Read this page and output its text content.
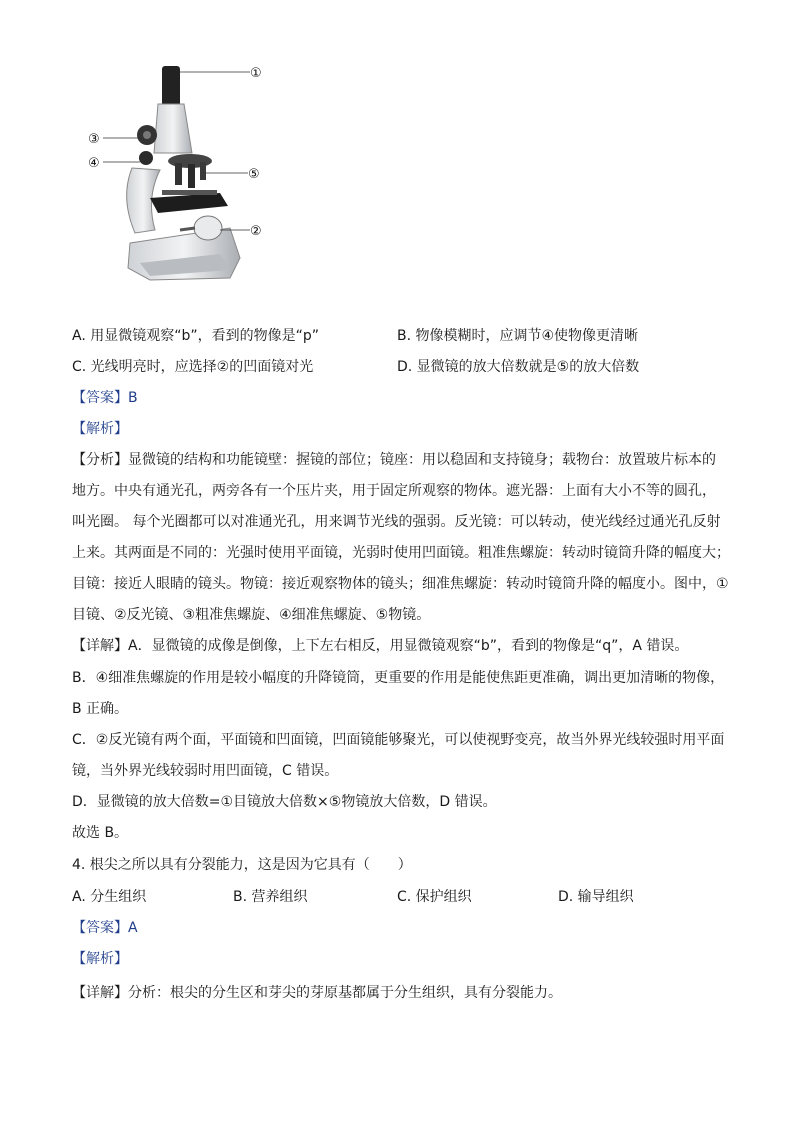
①
②
③
④
⑤
A. 用显微镜观察“b”，看到的物像是“p”	B. 物像模糊时，应调节④使物像更清晰
C. 光线明亮时，应选择②的凹面镜对光	D. 显微镜的放大倍数就是⑤的放大倍数
【答案】B
【解析】
【分析】显微镜的结构和功能镜壁：握镜的部位；镜座：用以稳固和支持镜身；载物台：放置玻片标本的
地方。中央有通光孔，两旁各有一个压片夹，用于固定所观察的物体。遮光器：上面有大小不等的圆孔，
叫光圈。 每个光圈都可以对准通光孔，用来调节光线的强弱。反光镜：可以转动，使光线经过通光孔反射
上来。其两面是不同的：光强时使用平面镜，光弱时使用凹面镜。粗准焦螺旋：转动时镜筒升降的幅度大；
目镜：接近人眼睛的镜头。物镜：接近观察物体的镜头；细准焦螺旋：转动时镜筒升降的幅度小。图中，①
目镜、②反光镜、③粗准焦螺旋、④细准焦螺旋、⑤物镜。
【详解】A．显微镜的成像是倒像，上下左右相反，用显微镜观察“b”，看到的物像是“q”，A 错误。
B．④细准焦螺旋的作用是较小幅度的升降镜筒，更重要的作用是能使焦距更准确，调出更加清晰的物像，
B 正确。
C．②反光镜有两个面，平面镜和凹面镜，凹面镜能够聚光，可以使视野变亮，故当外界光线较强时用平面
镜，当外界光线较弱时用凹面镜，C 错误。
D．显微镜的放大倍数=①目镜放大倍数×⑤物镜放大倍数，D 错误。
故选 B。
4. 根尖之所以具有分裂能力，这是因为它具有（　　）
A. 分生组织	B. 营养组织	C. 保护组织	D. 输导组织
【答案】A
【解析】
【详解】分析：根尖的分生区和芽尖的芽原基都属于分生组织，具有分裂能力。
